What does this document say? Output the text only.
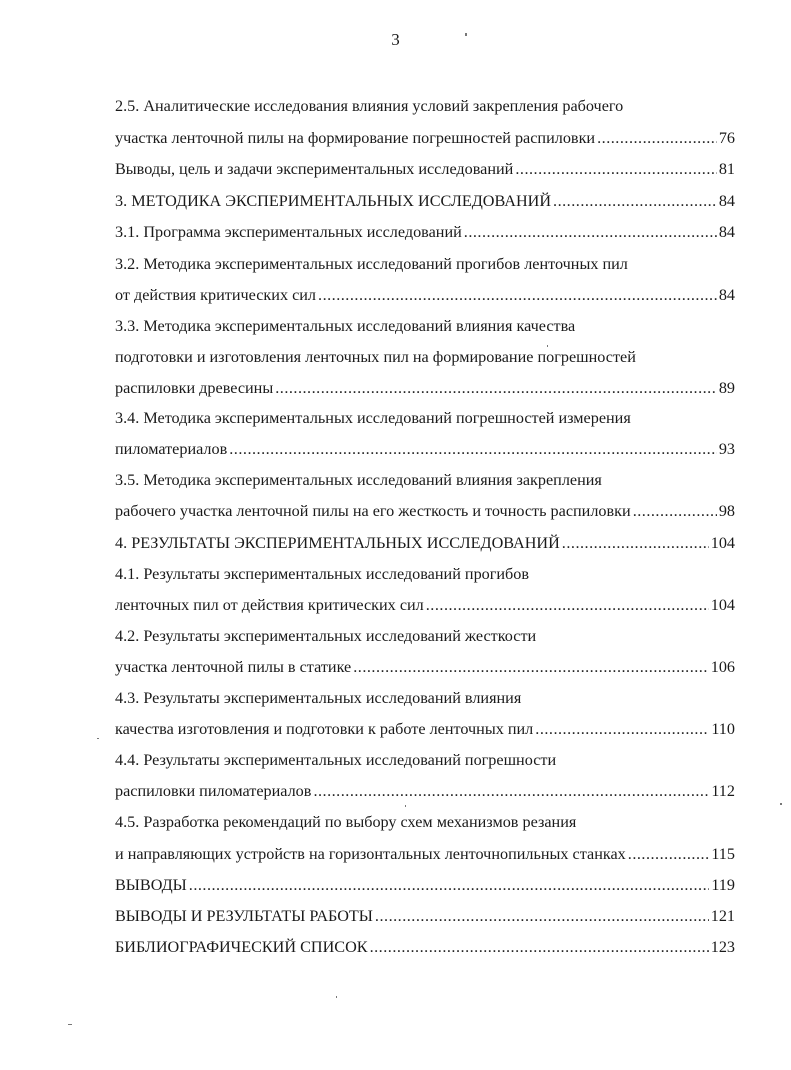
3
2.5. Аналитические исследования влияния условий закрепления рабочего
участка ленточной пилы на формирование погрешностей распиловки .....	76
Выводы, цель и задачи экспериментальных исследований .....	81
3. МЕТОДИКА ЭКСПЕРИМЕНТАЛЬНЫХ ИССЛЕДОВАНИЙ .....	84
3.1. Программа экспериментальных исследований .....	84
3.2. Методика экспериментальных исследований прогибов ленточных пил
от действия критических сил .....	84
3.3. Методика экспериментальных исследований влияния качества
подготовки и изготовления ленточных пил на формирование погрешностей
распиловки древесины .....	89
3.4. Методика экспериментальных исследований погрешностей измерения
пиломатериалов .....	93
3.5. Методика экспериментальных исследований влияния закрепления
рабочего участка ленточной пилы на его жесткость и точность распиловки .....	98
4. РЕЗУЛЬТАТЫ ЭКСПЕРИМЕНТАЛЬНЫХ ИССЛЕДОВАНИЙ .....	104
4.1. Результаты экспериментальных исследований прогибов
ленточных пил от действия критических сил .....	104
4.2. Результаты экспериментальных исследований жесткости
участка ленточной пилы в статике .....	106
4.3. Результаты экспериментальных исследований влияния
качества изготовления и подготовки к работе ленточных пил .....	110
4.4. Результаты экспериментальных исследований погрешности
распиловки пиломатериалов .....	112
4.5. Разработка рекомендаций по выбору схем механизмов резания
и направляющих устройств на горизонтальных ленточнопильных станках .....	115
ВЫВОДЫ .....	119
ВЫВОДЫ И РЕЗУЛЬТАТЫ РАБОТЫ .....	121
БИБЛИОГРАФИЧЕСКИЙ СПИСОК .....	123
